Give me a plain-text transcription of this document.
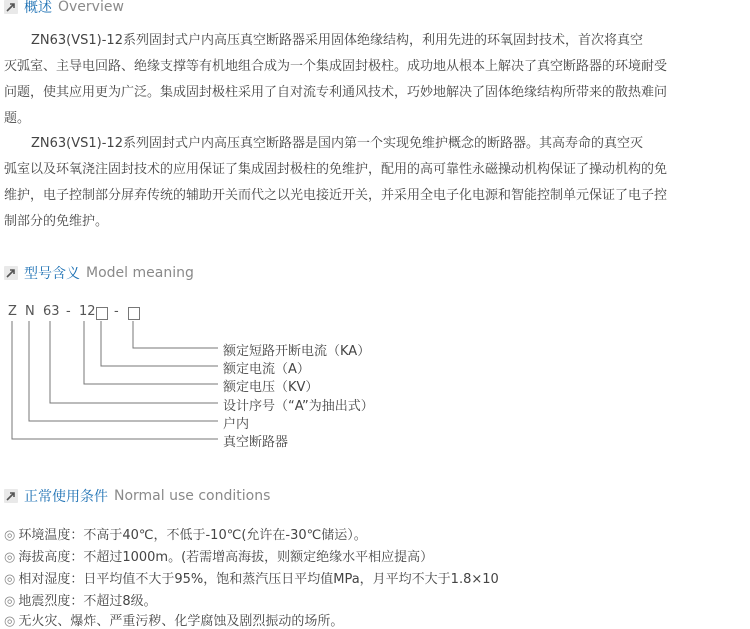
概述 Overview
ZN63(VS1)-12系列固封式户内高压真空断路器采用固体绝缘结构，利用先进的环氧固封技术，首次将真空
灭弧室、主导电回路、绝缘支撑等有机地组合成为一个集成固封极柱。成功地从根本上解决了真空断路器的环境耐受
问题，使其应用更为广泛。集成固封极柱采用了自对流专利通风技术，巧妙地解决了固体绝缘结构所带来的散热难问
题。
ZN63(VS1)-12系列固封式户内高压真空断路器是国内第一个实现免维护概念的断路器。其高寿命的真空灭
弧室以及环氧浇注固封技术的应用保证了集成固封极柱的免维护，配用的高可靠性永磁操动机构保证了操动机构的免
维护，电子控制部分屏弃传统的辅助开关而代之以光电接近开关，并采用全电子化电源和智能控制单元保证了电子控
制部分的免维护。
型号含义 Model meaning
Z N 63 - 12 -
额定短路开断电流（KA）
额定电流（A）
额定电压（KV）
设计序号（“A”为抽出式）
户内
真空断路器
正常使用条件 Normal use conditions
◎ 环境温度：不高于40℃，不低于-10℃(允许在-30℃储运）。
◎ 海拔高度：不超过1000m。(若需增高海拔，则额定绝缘水平相应提高）
◎ 相对湿度：日平均值不大于95%，饱和蒸汽压日平均值MPa，月平均不大于1.8×10
◎ 地震烈度：不超过8级。
◎ 无火灾、爆炸、严重污秽、化学腐蚀及剧烈振动的场所。
